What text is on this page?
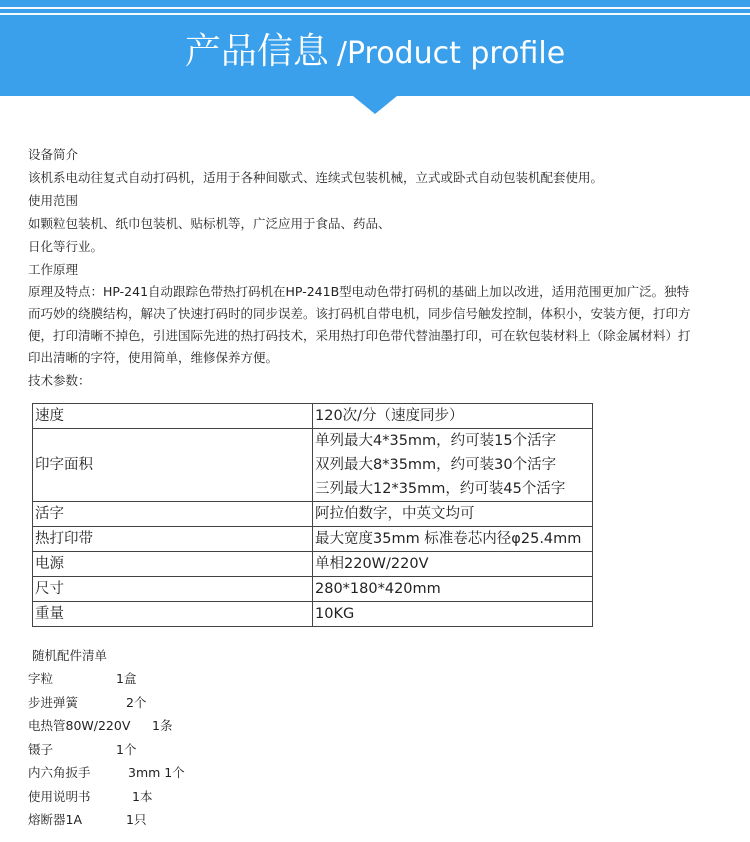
产品信息 /Product profile

设备简介

该机系电动往复式自动打码机，适用于各种间歇式、连续式包装机械，立式或卧式自动包装机配套使用。

使用范围

如颗粒包装机、纸巾包装机、贴标机等，广泛应用于食品、药品、

日化等行业。

工作原理

原理及特点：HP-241自动跟踪色带热打码机在HP-241B型电动色带打码机的基础上加以改进，适用范围更加广泛。独特

而巧妙的绕膜结构，解决了快速打码时的同步误差。该打码机自带电机，同步信号触发控制，体积小，安装方便，打印方

便，打印清晰不掉色，引进国际先进的热打码技术，采用热打印色带代替油墨打印，可在软包装材料上（除金属材料）打

印出清晰的字符，使用简单，维修保养方便。

技术参数：

速度	120次/分（速度同步）
印字面积	单列最大4*35mm，约可装15个活字
双列最大8*35mm，约可装30个活字
三列最大12*35mm，约可装45个活字

活字	阿拉伯数字，中英文均可
热打印带	最大宽度35mm 标准卷芯内径φ25.4mm
电源	单相220W/220V
尺寸	280*180*420mm
重量	10KG
随机配件清单
字粒	1盒
步进弹簧	2个
电热管80W/220V 1条
镊子	1个
内六角扳手	3mm 1个
使用说明书	1本
熔断器1A	1只
